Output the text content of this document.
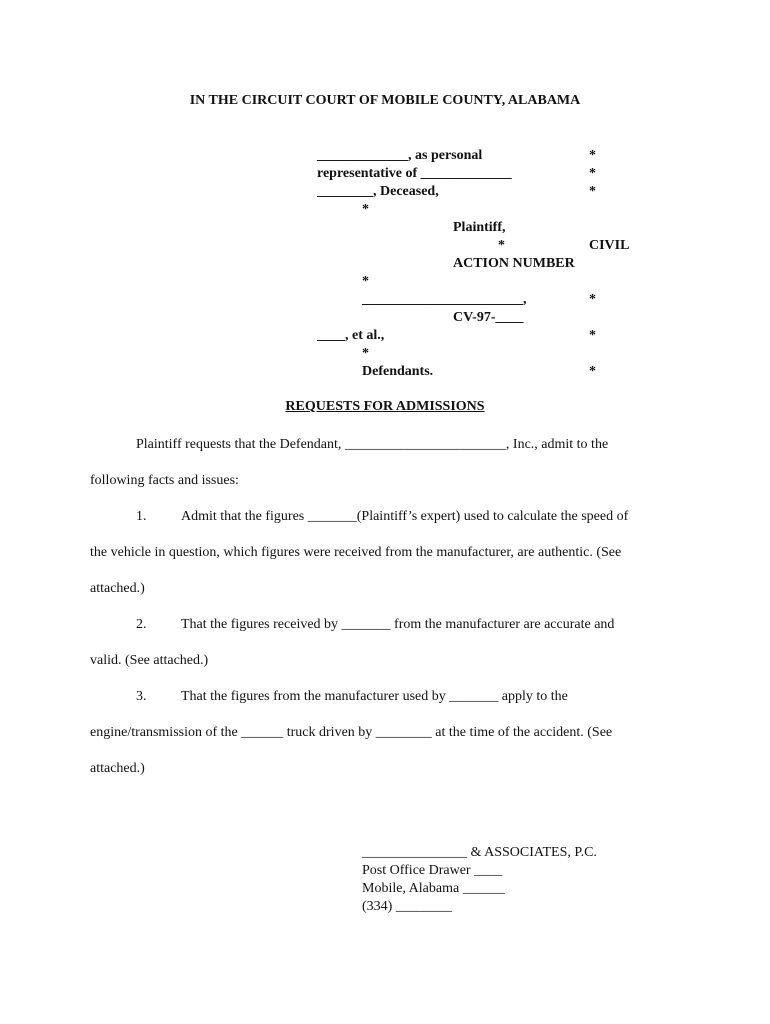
IN THE CIRCUIT COURT OF MOBILE COUNTY, ALABAMA
_____________, as personal	*
representative of _____________	*
________, Deceased,	*
*
Plaintiff,
*	CIVIL
ACTION NUMBER
*
_______________________,	*
CV-97-____
____, et al.,	*
*
Defendants.	*
REQUESTS FOR ADMISSIONS
Plaintiff requests that the Defendant, _______________________, Inc., admit to the
following facts and issues:
1. Admit that the figures _______(Plaintiff’s expert) used to calculate the speed of
the vehicle in question, which figures were received from the manufacturer, are authentic. (See
attached.)
2. That the figures received by _______ from the manufacturer are accurate and
valid. (See attached.)
3. That the figures from the manufacturer used by _______ apply to the
engine/transmission of the ______ truck driven by ________ at the time of the accident. (See
attached.)
_______________ & ASSOCIATES, P.C.
Post Office Drawer ____
Mobile, Alabama ______
(334) ________
